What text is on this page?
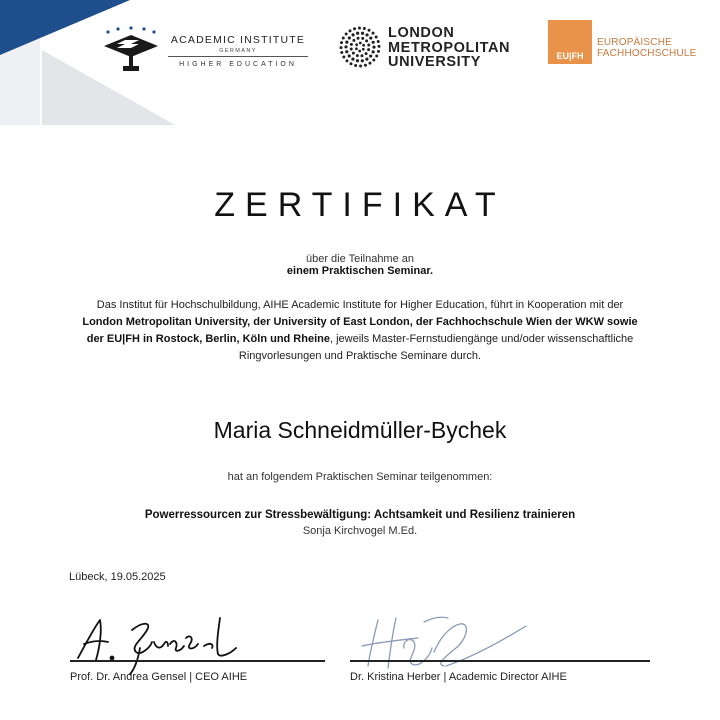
ACADEMIC INSTITUTE
GERMANY
HIGHER EDUCATION
LONDON
METROPOLITAN
UNIVERSITY	EU|FH
EUROPÄISCHE
FACHHOCHSCHULE
ZERTIFIKAT
über die Teilnahme an
einem Praktischen Seminar.
Das Institut für Hochschulbildung, AIHE Academic Institute for Higher Education, führt in Kooperation mit der London Metropolitan University, der University of East London, der Fachhochschule Wien der WKW sowie der EU|FH in Rostock, Berlin, Köln und Rheine, jeweils Master-Fernstudiengänge und/oder wissenschaftliche Ringvorlesungen und Praktische Seminare durch.
Maria Schneidmüller-Bychek
hat an folgendem Praktischen Seminar teilgenommen:
Powerressourcen zur Stressbewältigung: Achtsamkeit und Resilienz trainieren
Sonja Kirchvogel M.Ed.
Lübeck, 19.05.2025
Prof. Dr. Andrea Gensel | CEO AIHE	Dr. Kristina Herber | Academic Director AIHE
